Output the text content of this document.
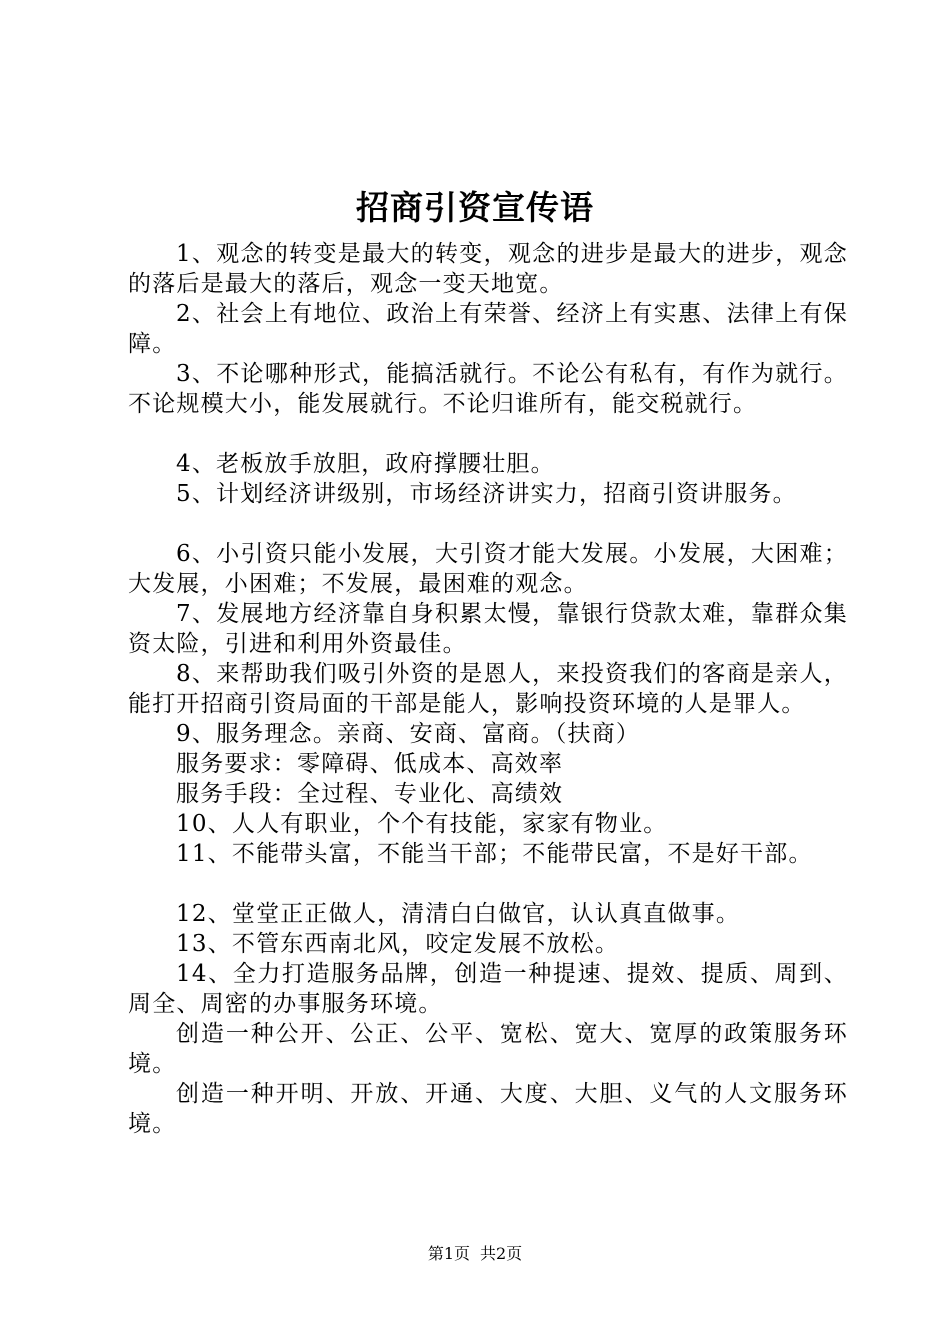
招商引资宣传语

1、观念的转变是最大的转变，观念的进步是最大的进步，观念的落后是最大的落后，观念一变天地宽。

2、社会上有地位、政治上有荣誉、经济上有实惠、法律上有保障。

3、不论哪种形式，能搞活就行。不论公有私有，有作为就行。不论规模大小，能发展就行。不论归谁所有，能交税就行。

4、老板放手放胆，政府撑腰壮胆。

5、计划经济讲级别，市场经济讲实力，招商引资讲服务。

6、小引资只能小发展，大引资才能大发展。小发展，大困难；大发展，小困难；不发展，最困难的观念。

7、发展地方经济靠自身积累太慢，靠银行贷款太难，靠群众集资太险，引进和利用外资最佳。

8、来帮助我们吸引外资的是恩人，来投资我们的客商是亲人，能打开招商引资局面的干部是能人，影响投资环境的人是罪人。

9、服务理念。亲商、安商、富商。（扶商）

服务要求：零障碍、低成本、高效率

服务手段：全过程、专业化、高绩效

10、人人有职业，个个有技能，家家有物业。

11、不能带头富，不能当干部；不能带民富，不是好干部。

12、堂堂正正做人，清清白白做官，认认真直做事。

13、不管东西南北风，咬定发展不放松。

14、全力打造服务品牌，创造一种提速、提效、提质、周到、周全、周密的办事服务环境。

创造一种公开、公正、公平、宽松、宽大、宽厚的政策服务环境。

创造一种开明、开放、开通、大度、大胆、义气的人文服务环境。

第1页 共2页
